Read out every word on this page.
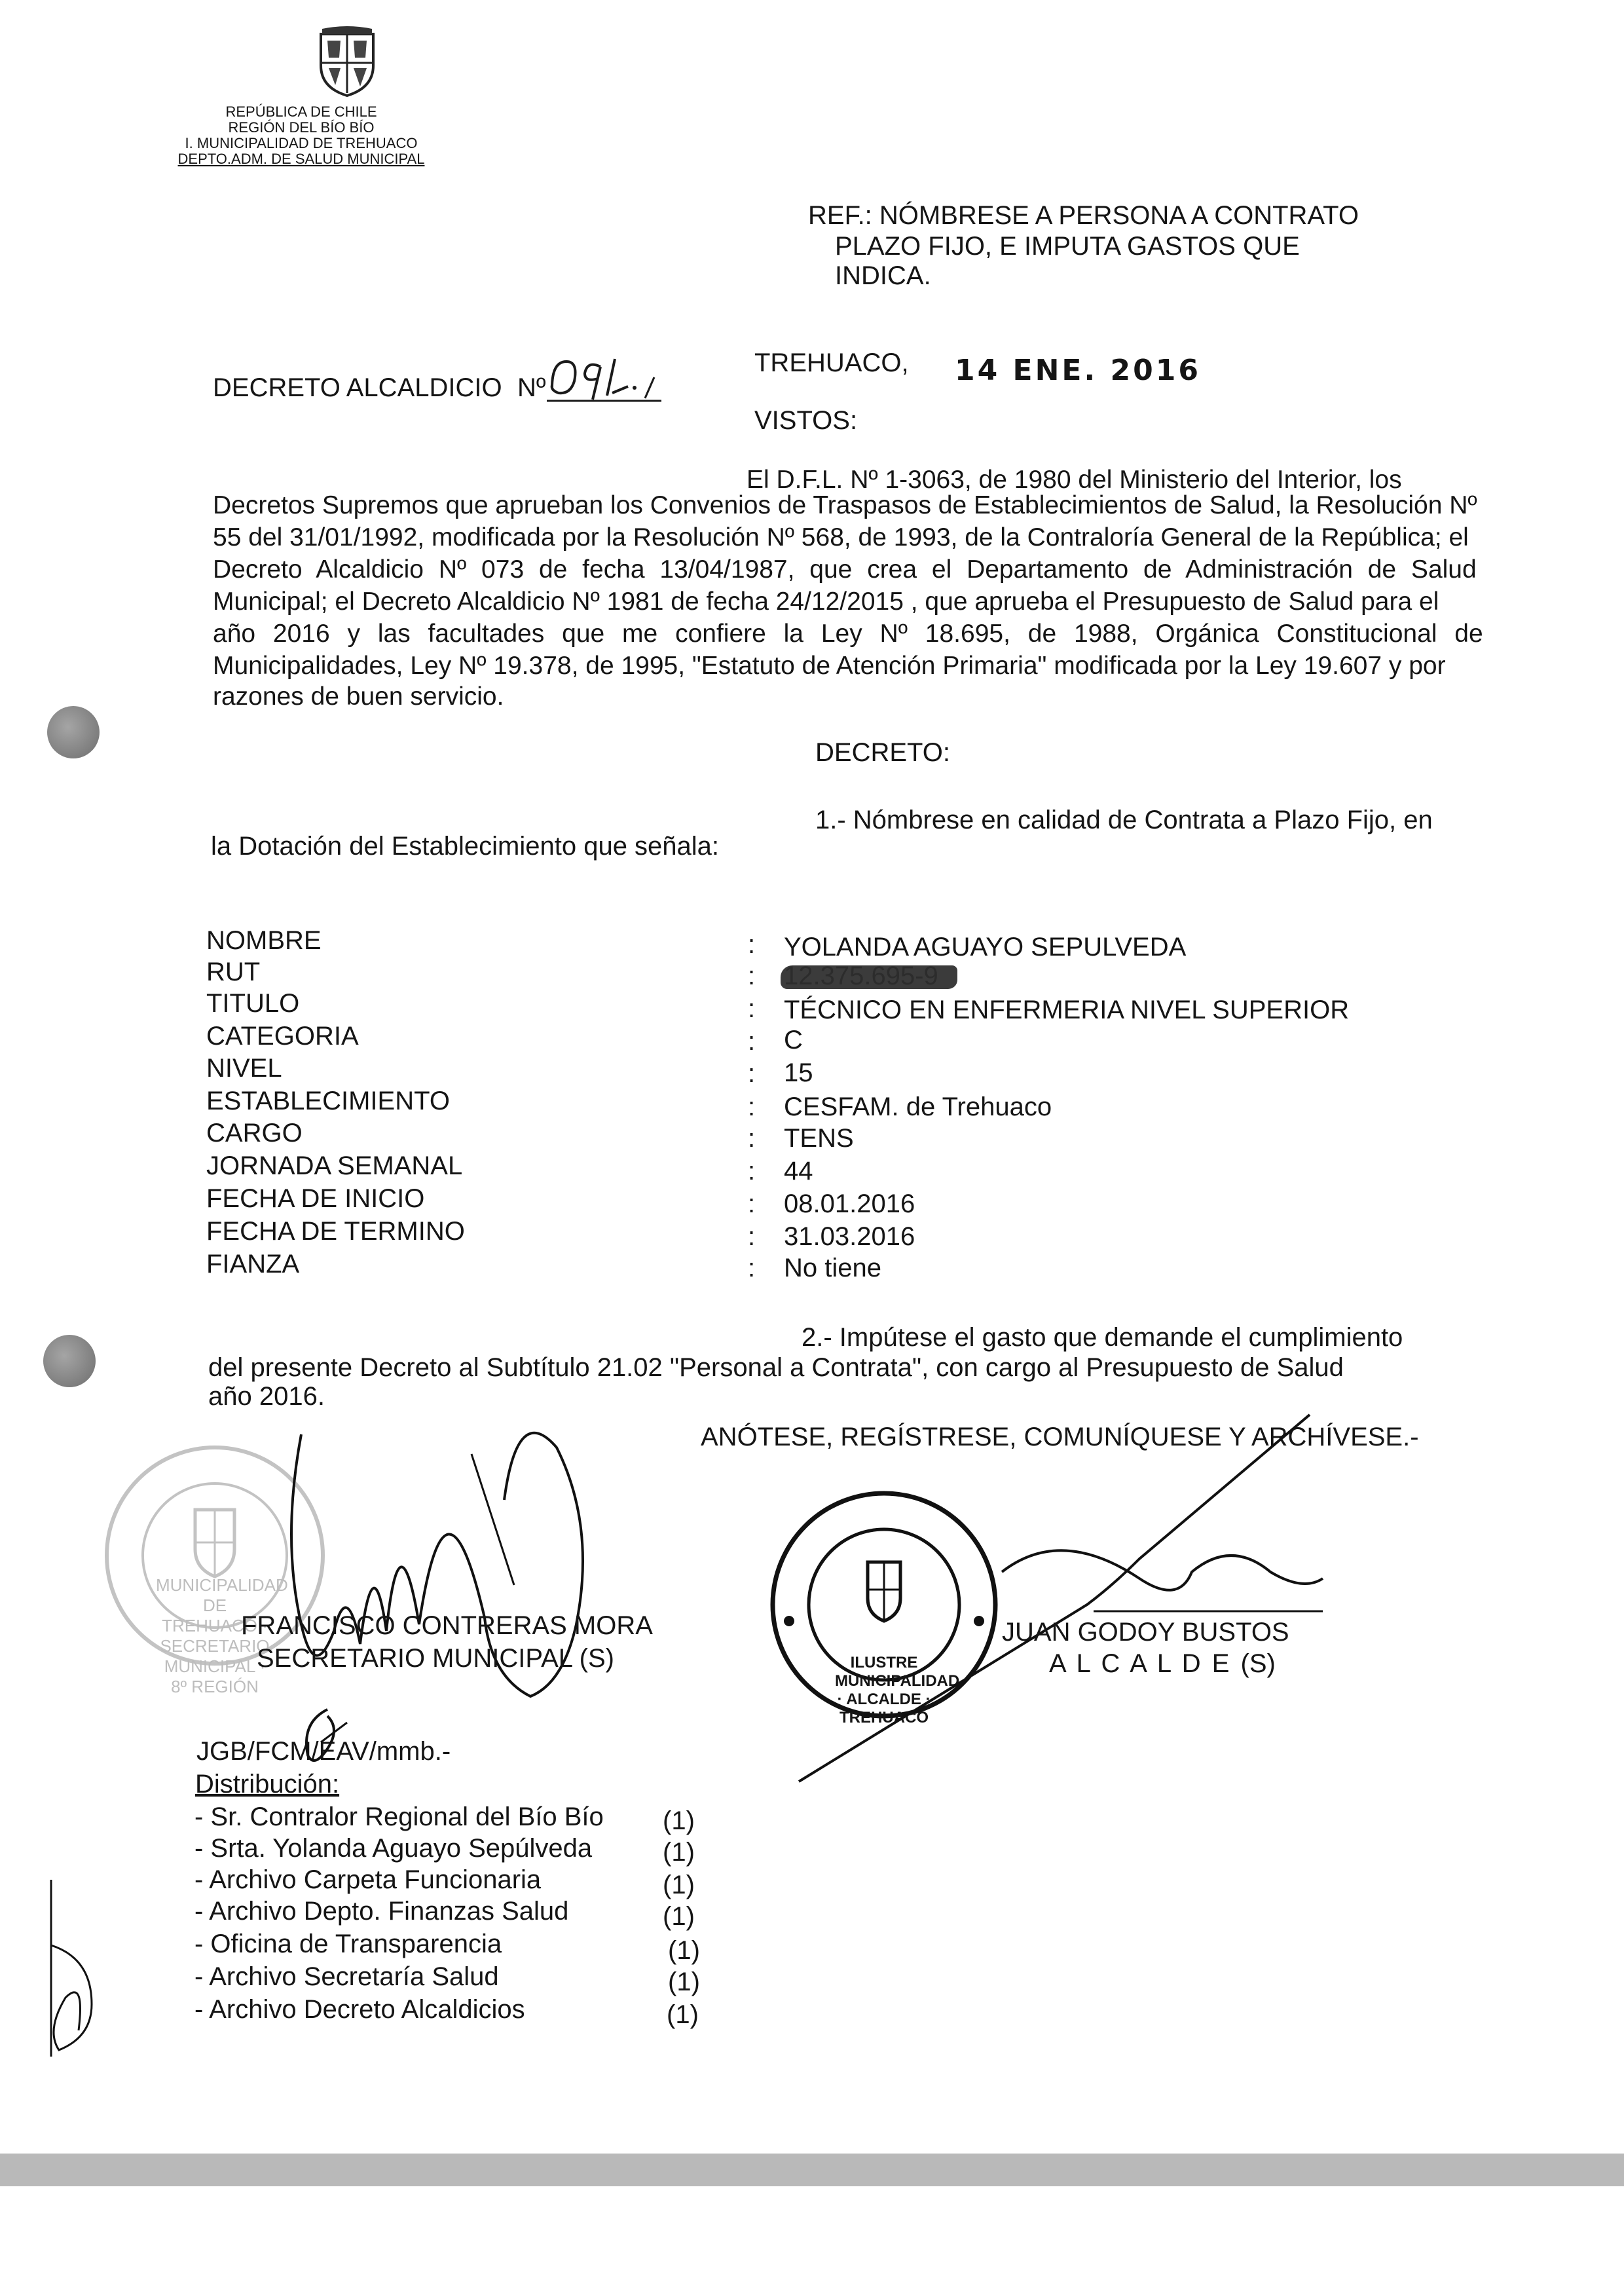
REPÚBLICA DE CHILE
REGIÓN DEL BÍO BÍO
I. MUNICIPALIDAD DE TREHUACO
DEPTO.ADM. DE SALUD MUNICIPAL
REF.: NÓMBRESE A PERSONA A CONTRATO
PLAZO FIJO, E IMPUTA GASTOS QUE
INDICA.
DECRETO ALCALDICIO Nº
TREHUACO, 14 ENE. 2016
VISTOS:
El D.F.L. Nº 1-3063, de 1980 del Ministerio del Interior, los
Decretos Supremos que aprueban los Convenios de Traspasos de Establecimientos de Salud, la Resolución Nº
55 del 31/01/1992, modificada por la Resolución Nº 568, de 1993, de la Contraloría General de la República; el
Decreto Alcaldicio Nº 073 de fecha 13/04/1987, que crea el Departamento de Administración de Salud
Municipal; el Decreto Alcaldicio Nº 1981 de fecha 24/12/2015 , que aprueba el Presupuesto de Salud para el
año 2016 y las facultades que me confiere la Ley Nº 18.695, de 1988, Orgánica Constitucional de
Municipalidades, Ley Nº 19.378, de 1995, "Estatuto de Atención Primaria" modificada por la Ley 19.607 y por
razones de buen servicio.
DECRETO:
1.- Nómbrese en calidad de Contrata a Plazo Fijo, en
la Dotación del Establecimiento que señala:
NOMBRE	: YOLANDA AGUAYO SEPULVEDA
RUT	:
TITULO	: TÉCNICO EN ENFERMERIA NIVEL SUPERIOR
CATEGORIA	: C
NIVEL	: 15
ESTABLECIMIENTO	: CESFAM. de Trehuaco
CARGO	: TENS
JORNADA SEMANAL	: 44
FECHA DE INICIO	: 08.01.2016
FECHA DE TERMINO	: 31.03.2016
FIANZA	: No tiene
2.- Impútese el gasto que demande el cumplimiento
del presente Decreto al Subtítulo 21.02 "Personal a Contrata", con cargo al Presupuesto de Salud
año 2016.
ANÓTESE, REGÍSTRESE, COMUNÍQUESE Y ARCHÍVESE.-
MUNICIPALIDAD DE TREHUACO · SECRETARIO MUNICIPAL · 8º REGIÓN
FRANCISCO CONTRERAS MORA
SECRETARIO MUNICIPAL (S)	ILUSTRE MUNICIPALIDAD · ALCALDE · TREHUACO
JUAN GODOY BUSTOS
A L C A L D E (S)
JGB/FCM/EAV/mmb.-
Distribución:
- Sr. Contralor Regional del Bío Bío (1)
- Srta. Yolanda Aguayo Sepúlveda	(1)
- Archivo Carpeta Funcionaria	(1)
- Archivo Depto. Finanzas Salud	(1)
- Oficina de Transparencia	(1)
- Archivo Secretaría Salud	(1)
- Archivo Decreto Alcaldicios	(1)
